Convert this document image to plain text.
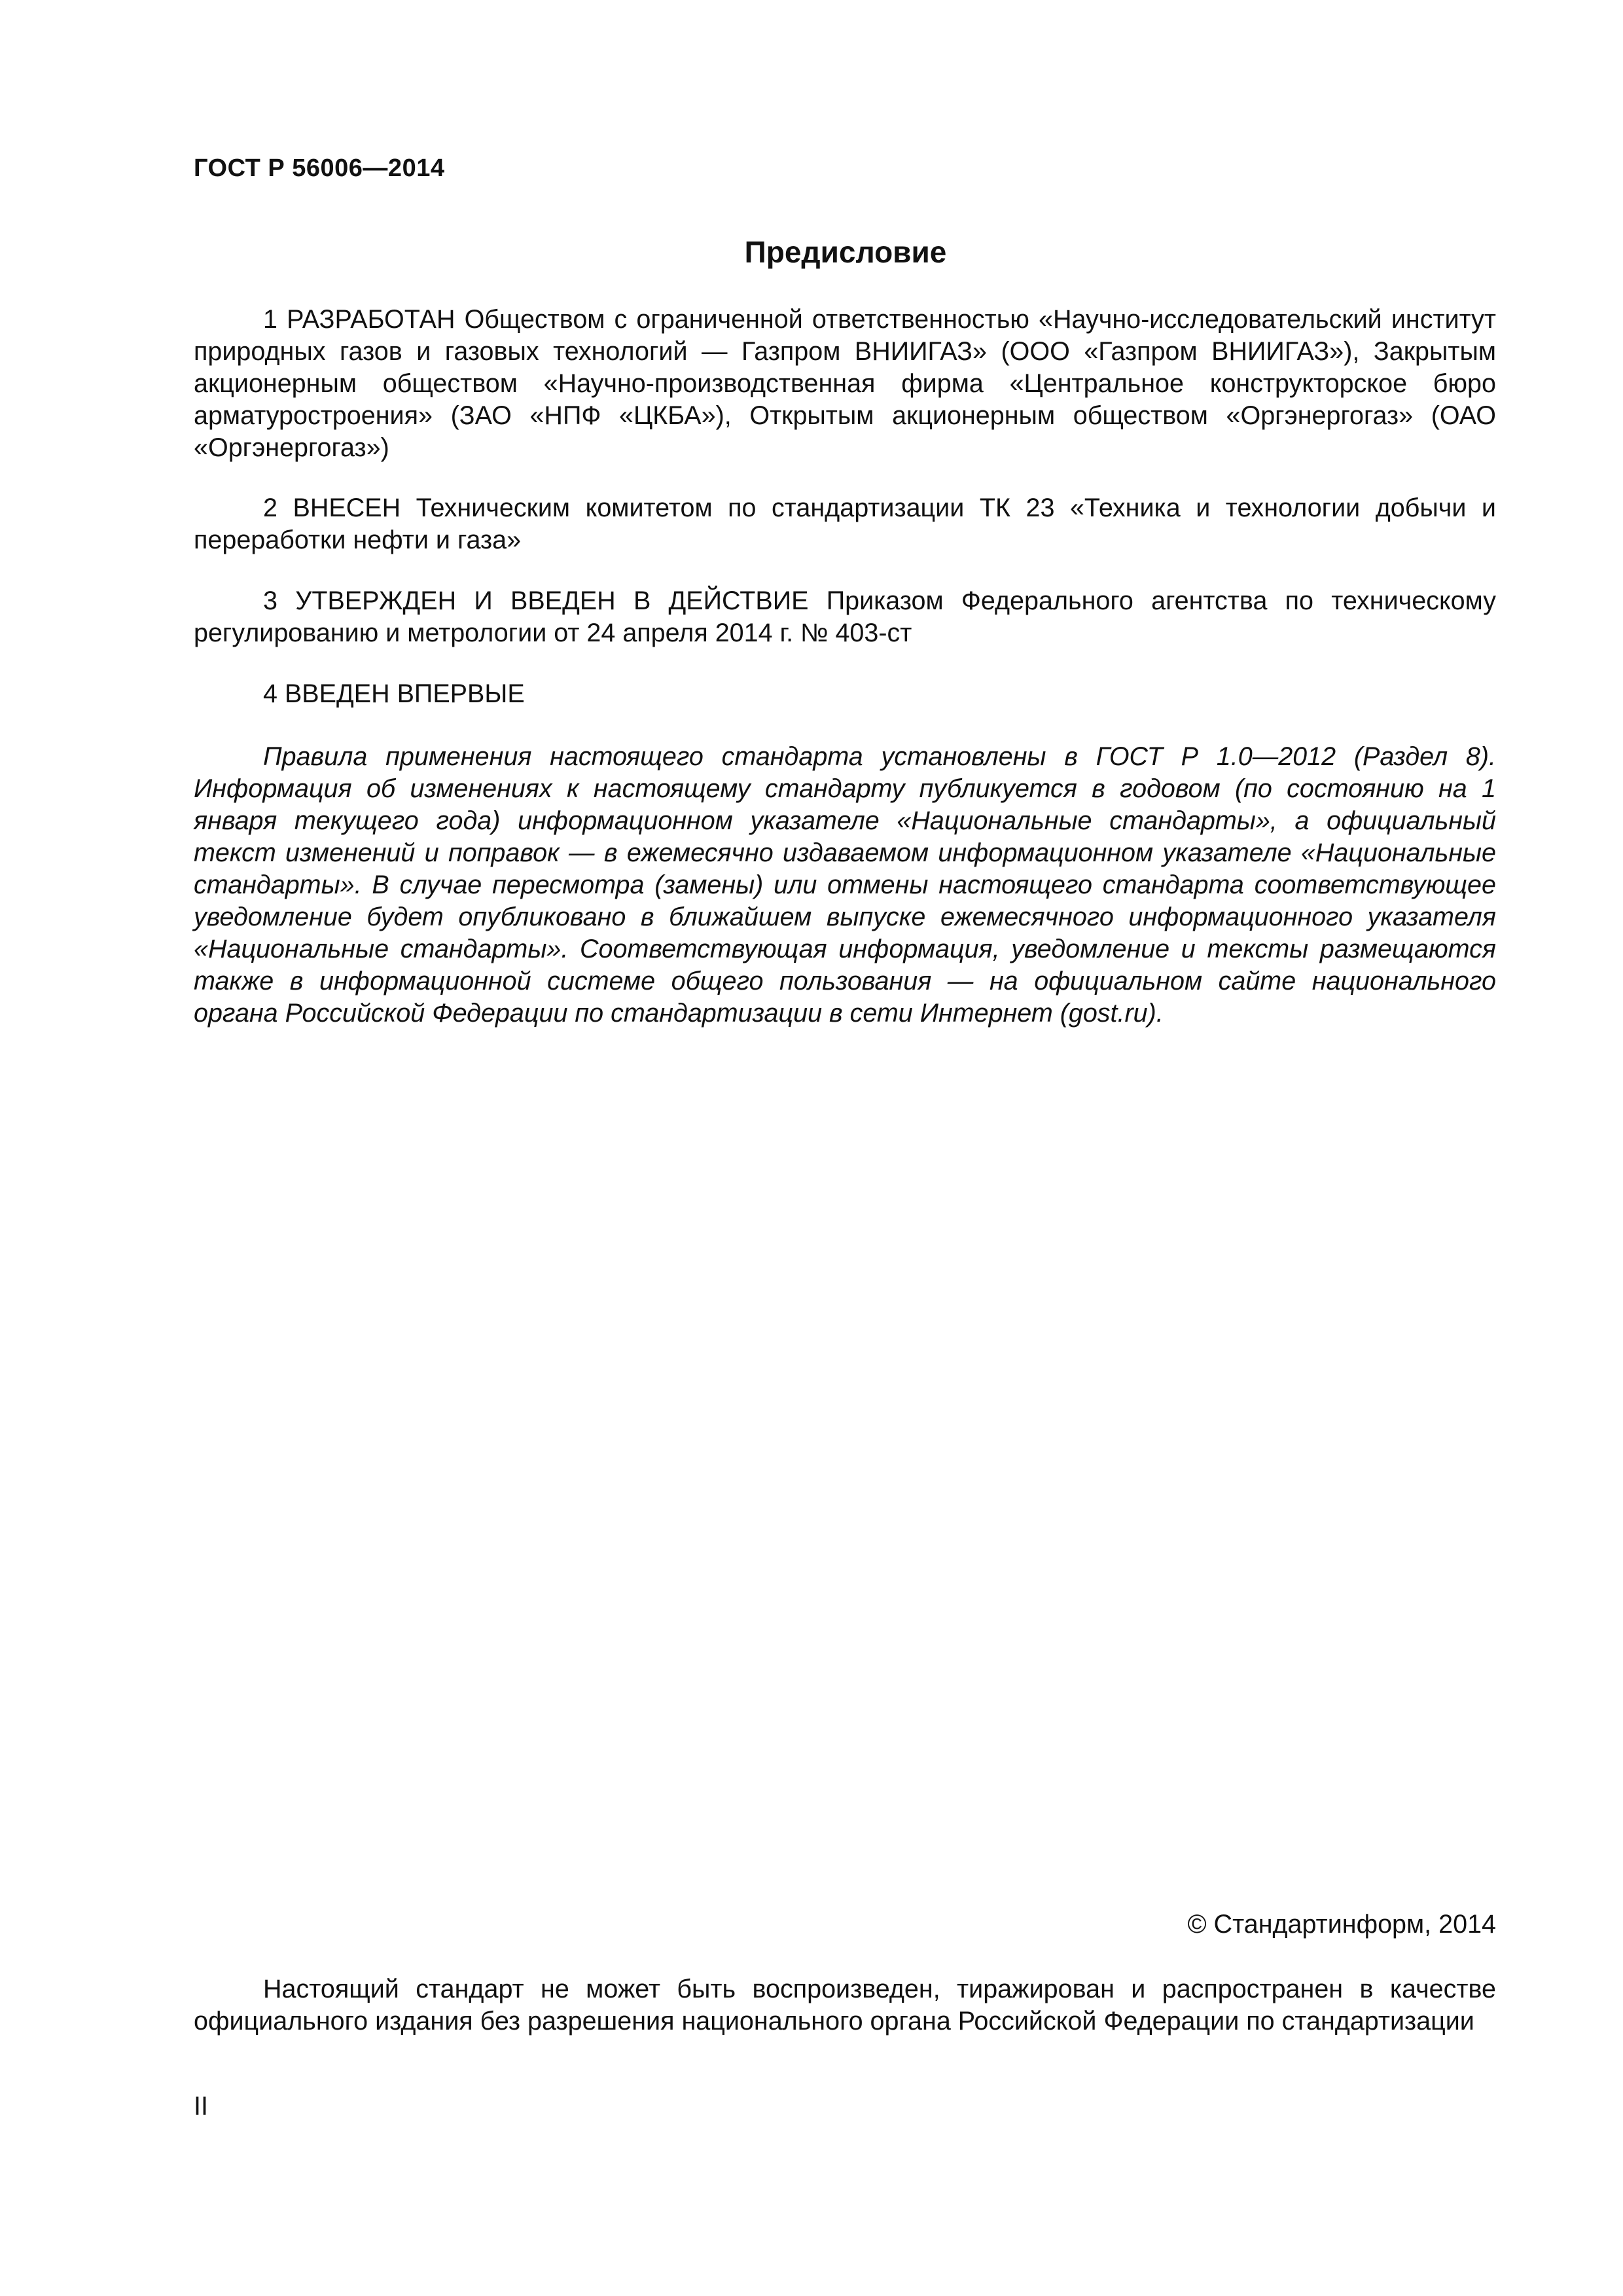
ГОСТ Р 56006—2014
Предисловие

1 РАЗРАБОТАН Обществом с ограниченной ответственностью «Научно-исследовательский институт природных газов и газовых технологий — Газпром ВНИИГАЗ» (ООО «Газпром ВНИИГАЗ»), Закрытым акционерным обществом «Научно-производственная фирма «Центральное конструкторское бюро арматуростроения» (ЗАО «НПФ «ЦКБА»), Открытым акционерным обществом «Оргэнергогаз» (ОАО «Оргэнергогаз»)

2 ВНЕСЕН Техническим комитетом по стандартизации ТК 23 «Техника и технологии добычи и переработки нефти и газа»

3 УТВЕРЖДЕН И ВВЕДЕН В ДЕЙСТВИЕ Приказом Федерального агентства по техническому регулированию и метрологии от 24 апреля 2014 г. № 403-ст

4 ВВЕДЕН ВПЕРВЫЕ

Правила применения настоящего стандарта установлены в ГОСТ Р 1.0—2012 (Раздел 8). Информация об изменениях к настоящему стандарту публикуется в годовом (по состоянию на 1 января текущего года) информационном указателе «Национальные стандарты», а официальный текст изменений и поправок — в ежемесячно издаваемом информационном указателе «Национальные стандарты». В случае пересмотра (замены) или отмены настоящего стандарта соответствующее уведомление будет опубликовано в ближайшем выпуске ежемесячного информационного указателя «Национальные стандарты». Соответствующая информация, уведомление и тексты размещаются также в информационной системе общего пользования — на официальном сайте национального органа Российской Федерации по стандартизации в сети Интернет (gost.ru).

© Стандартинформ, 2014

Настоящий стандарт не может быть воспроизведен, тиражирован и распространен в качестве официального издания без разрешения национального органа Российской Федерации по стандартизации

II
